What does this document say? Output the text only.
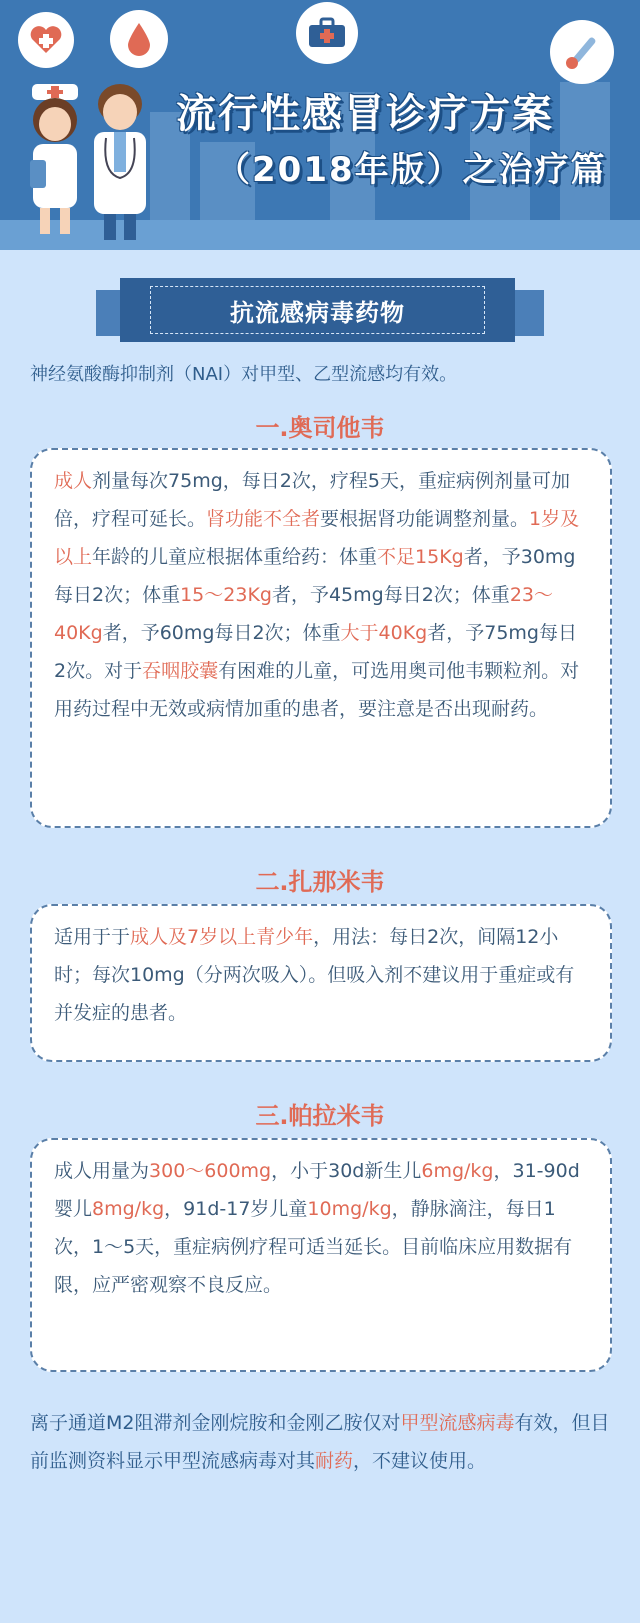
流行性感冒诊疗方案
（2018年版）之治疗篇
抗流感病毒药物
神经氨酸酶抑制剂（NAI）对甲型、乙型流感均有效。
一.奥司他韦
成人剂量每次75mg，每日2次，疗程5天，重症病例剂量可加倍，疗程可延长。肾功能不全者要根据肾功能调整剂量。1岁及以上年龄的儿童应根据体重给药：体重不足15Kg者，予30mg每日2次；体重15～23Kg者，予45mg每日2次；体重23～40Kg者，予60mg每日2次；体重大于40Kg者，予75mg每日2次。对于吞咽胶囊有困难的儿童，可选用奥司他韦颗粒剂。对用药过程中无效或病情加重的患者，要注意是否出现耐药。
二.扎那米韦
适用于于成人及7岁以上青少年，用法：每日2次，间隔12小时；每次10mg（分两次吸入）。但吸入剂不建议用于重症或有并发症的患者。
三.帕拉米韦
成人用量为300～600mg，小于30d新生儿6mg/kg，31-90d婴儿8mg/kg，91d-17岁儿童10mg/kg，静脉滴注，每日1次，1～5天，重症病例疗程可适当延长。目前临床应用数据有限，应严密观察不良反应。
离子通道M2阻滞剂金刚烷胺和金刚乙胺仅对甲型流感病毒有效，但目前监测资料显示甲型流感病毒对其耐药，不建议使用。
